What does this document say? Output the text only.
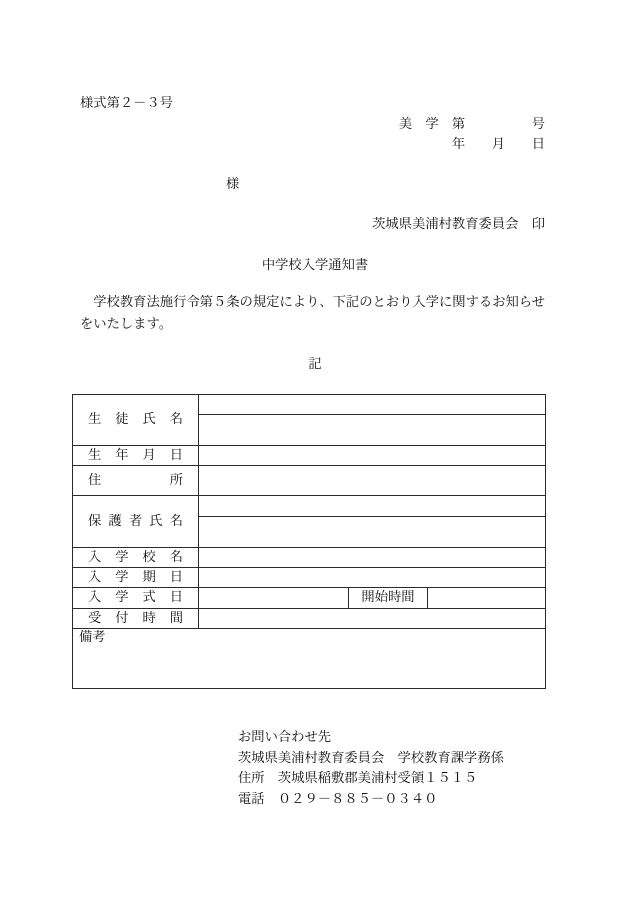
様式第２－３号
美　学　第　　　　　号
年　　月　　日
様
茨城県美浦村教育委員会　印
中学校入学通知書
　学校教育法施行令第５条の規定により、下記のとおり入学に関するお知らせをいたします。
記
生　徒　氏　名
生　年　月　日
住　　　　　所
保 護 者 氏 名
入　学　校　名
入　学　期　日
入　学　式　日	開始時間
受　付　時　間
備考
お問い合わせ先
茨城県美浦村教育委員会　学校教育課学務係
住所　茨城県稲敷郡美浦村受領１５１５
電話　０２９－８８５－０３４０
